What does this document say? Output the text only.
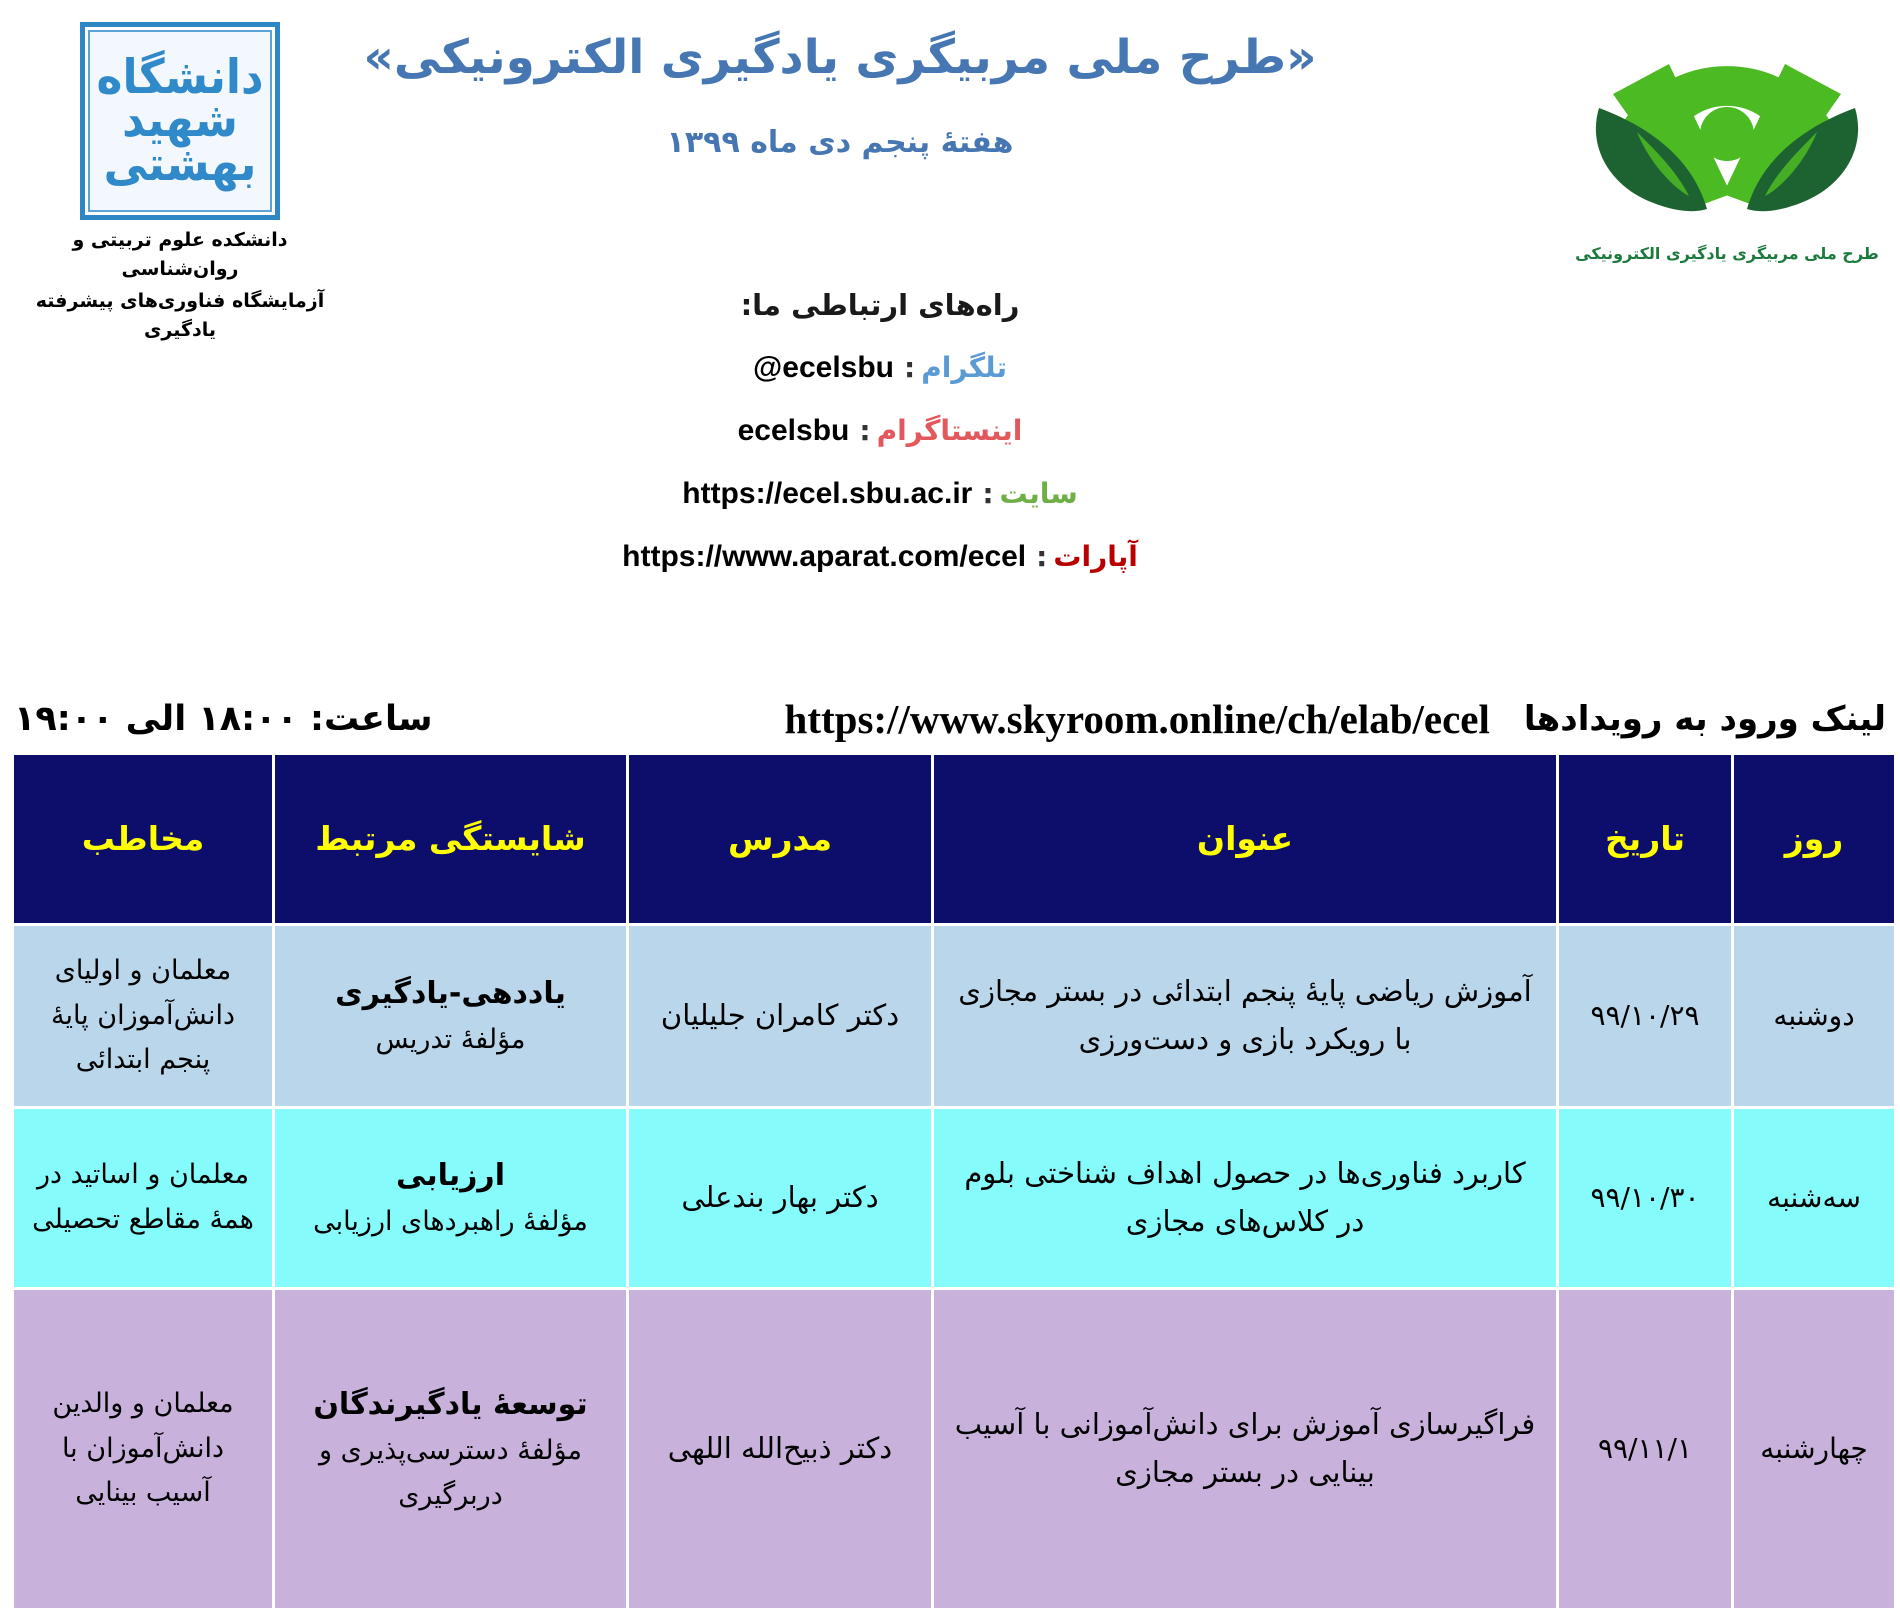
دانشگاه
شهید
بهشتی
دانشکده علوم تربیتی و روان‌شناسی
آزمایشگاه فناوری‌های پیشرفته یادگیری
«طرح ملی مربیگری یادگیری الکترونیکی»
هفتۀ پنجم دی ماه ۱۳۹۹
طرح ملی مربیگری یادگیری الکترونیکی
راه‌های ارتباطی ما:
تلگرام:@ecelsbu
اینستاگرام:ecelsbu
سایت:https://ecel.sbu.ac.ir
آپارات:https://www.aparat.com/ecel
لینک ورود به رویدادها
https://www.skyroom.online/ch/elab/ecel
ساعت: ۱۸:۰۰ الی ۱۹:۰۰
روز
تاریخ
عنوان
مدرس
شایستگی مرتبط
مخاطب
دوشنبه
۹۹/۱۰/۲۹
آموزش ریاضی پایۀ پنجم ابتدائی در بستر مجازی با رویکرد بازی و دست‌ورزی
دکتر کامران جلیلیان
یاددهی-یادگیری
مؤلفۀ تدریس
معلمان و اولیای دانش‌آموزان پایۀ پنجم ابتدائی
سه‌شنبه
۹۹/۱۰/۳۰
کاربرد فناوری‌ها در حصول اهداف شناختی بلوم در کلاس‌های مجازی
دکتر بهار بندعلی
ارزیابی
مؤلفۀ راهبردهای ارزیابی
معلمان و اساتید در همۀ مقاطع تحصیلی
چهارشنبه
۹۹/۱۱/۱
فراگیرسازی آموزش برای دانش‌آموزانی با آسیب بینایی در بستر مجازی
دکتر ذبیح‌الله اللهی
توسعۀ یادگیرندگان
مؤلفۀ دسترسی‌پذیری و دربرگیری
معلمان و والدین دانش‌آموزان با آسیب بینایی
